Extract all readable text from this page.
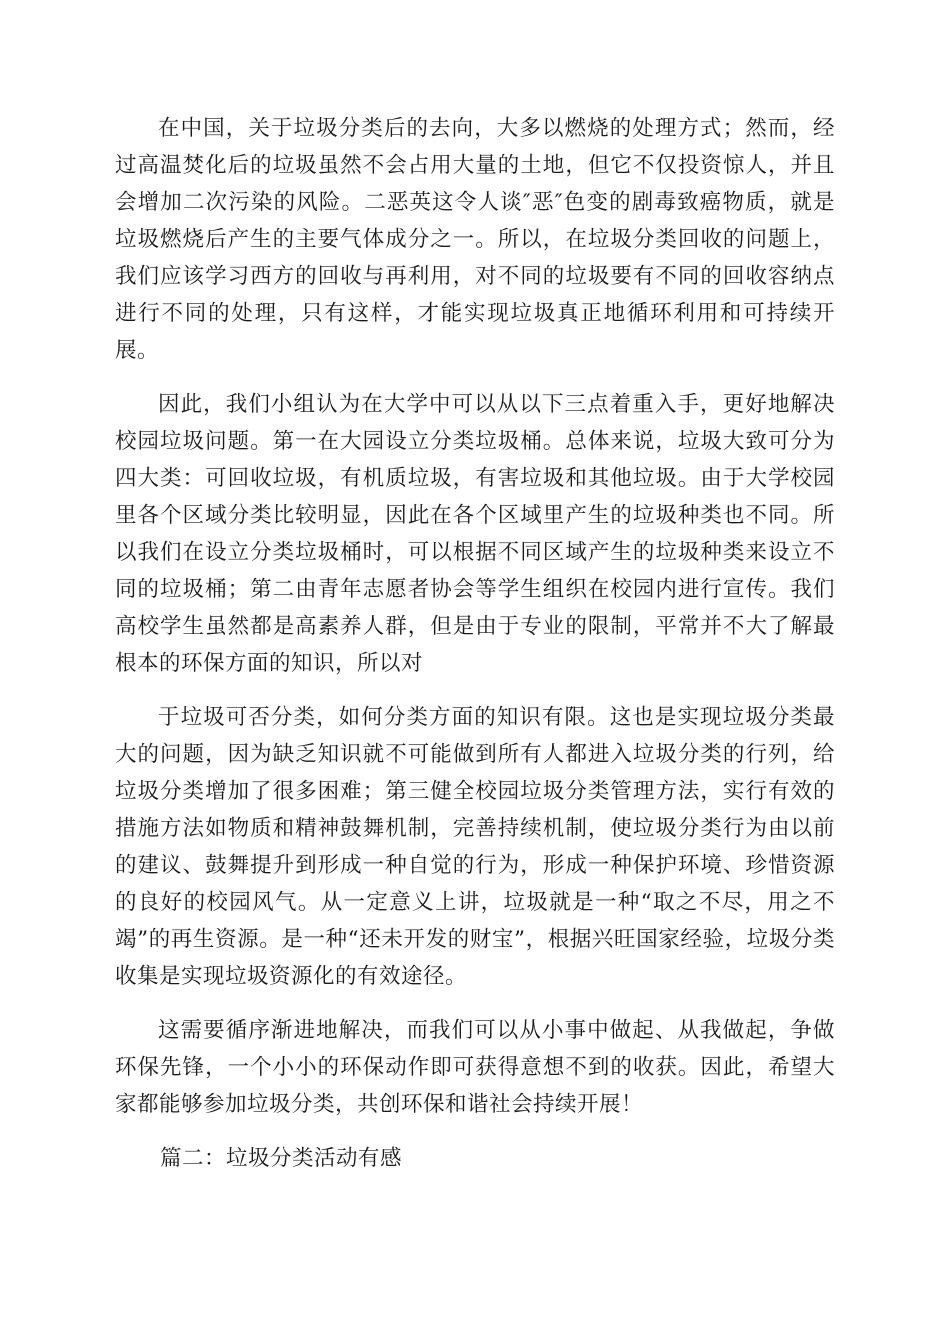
在中国，关于垃圾分类后的去向，大多以燃烧的处理方式；然而，经过高温焚化后的垃圾虽然不会占用大量的土地，但它不仅投资惊人，并且会增加二次污染的风险。二恶英这令人谈″恶″色变的剧毒致癌物质，就是垃圾燃烧后产生的主要气体成分之一。所以，在垃圾分类回收的问题上，我们应该学习西方的回收与再利用，对不同的垃圾要有不同的回收容纳点进行不同的处理，只有这样，才能实现垃圾真正地循环利用和可持续开展。

因此，我们小组认为在大学中可以从以下三点着重入手，更好地解决校园垃圾问题。第一在大园设立分类垃圾桶。总体来说，垃圾大致可分为四大类：可回收垃圾，有机质垃圾，有害垃圾和其他垃圾。由于大学校园里各个区域分类比较明显，因此在各个区域里产生的垃圾种类也不同。所以我们在设立分类垃圾桶时，可以根据不同区域产生的垃圾种类来设立不同的垃圾桶；第二由青年志愿者协会等学生组织在校园内进行宣传。我们高校学生虽然都是高素养人群，但是由于专业的限制，平常并不大了解最根本的环保方面的知识，所以对

于垃圾可否分类，如何分类方面的知识有限。这也是实现垃圾分类最大的问题，因为缺乏知识就不可能做到所有人都进入垃圾分类的行列，给垃圾分类增加了很多困难；第三健全校园垃圾分类管理方法，实行有效的措施方法如物质和精神鼓舞机制，完善持续机制，使垃圾分类行为由以前的建议、鼓舞提升到形成一种自觉的行为，形成一种保护环境、珍惜资源的良好的校园风气。从一定意义上讲，垃圾就是一种“取之不尽，用之不竭”的再生资源。是一种“还未开发的财宝”，根据兴旺国家经验，垃圾分类收集是实现垃圾资源化的有效途径。

这需要循序渐进地解决，而我们可以从小事中做起、从我做起，争做环保先锋，一个小小的环保动作即可获得意想不到的收获。因此，希望大家都能够参加垃圾分类，共创环保和谐社会持续开展！

篇二：垃圾分类活动有感
